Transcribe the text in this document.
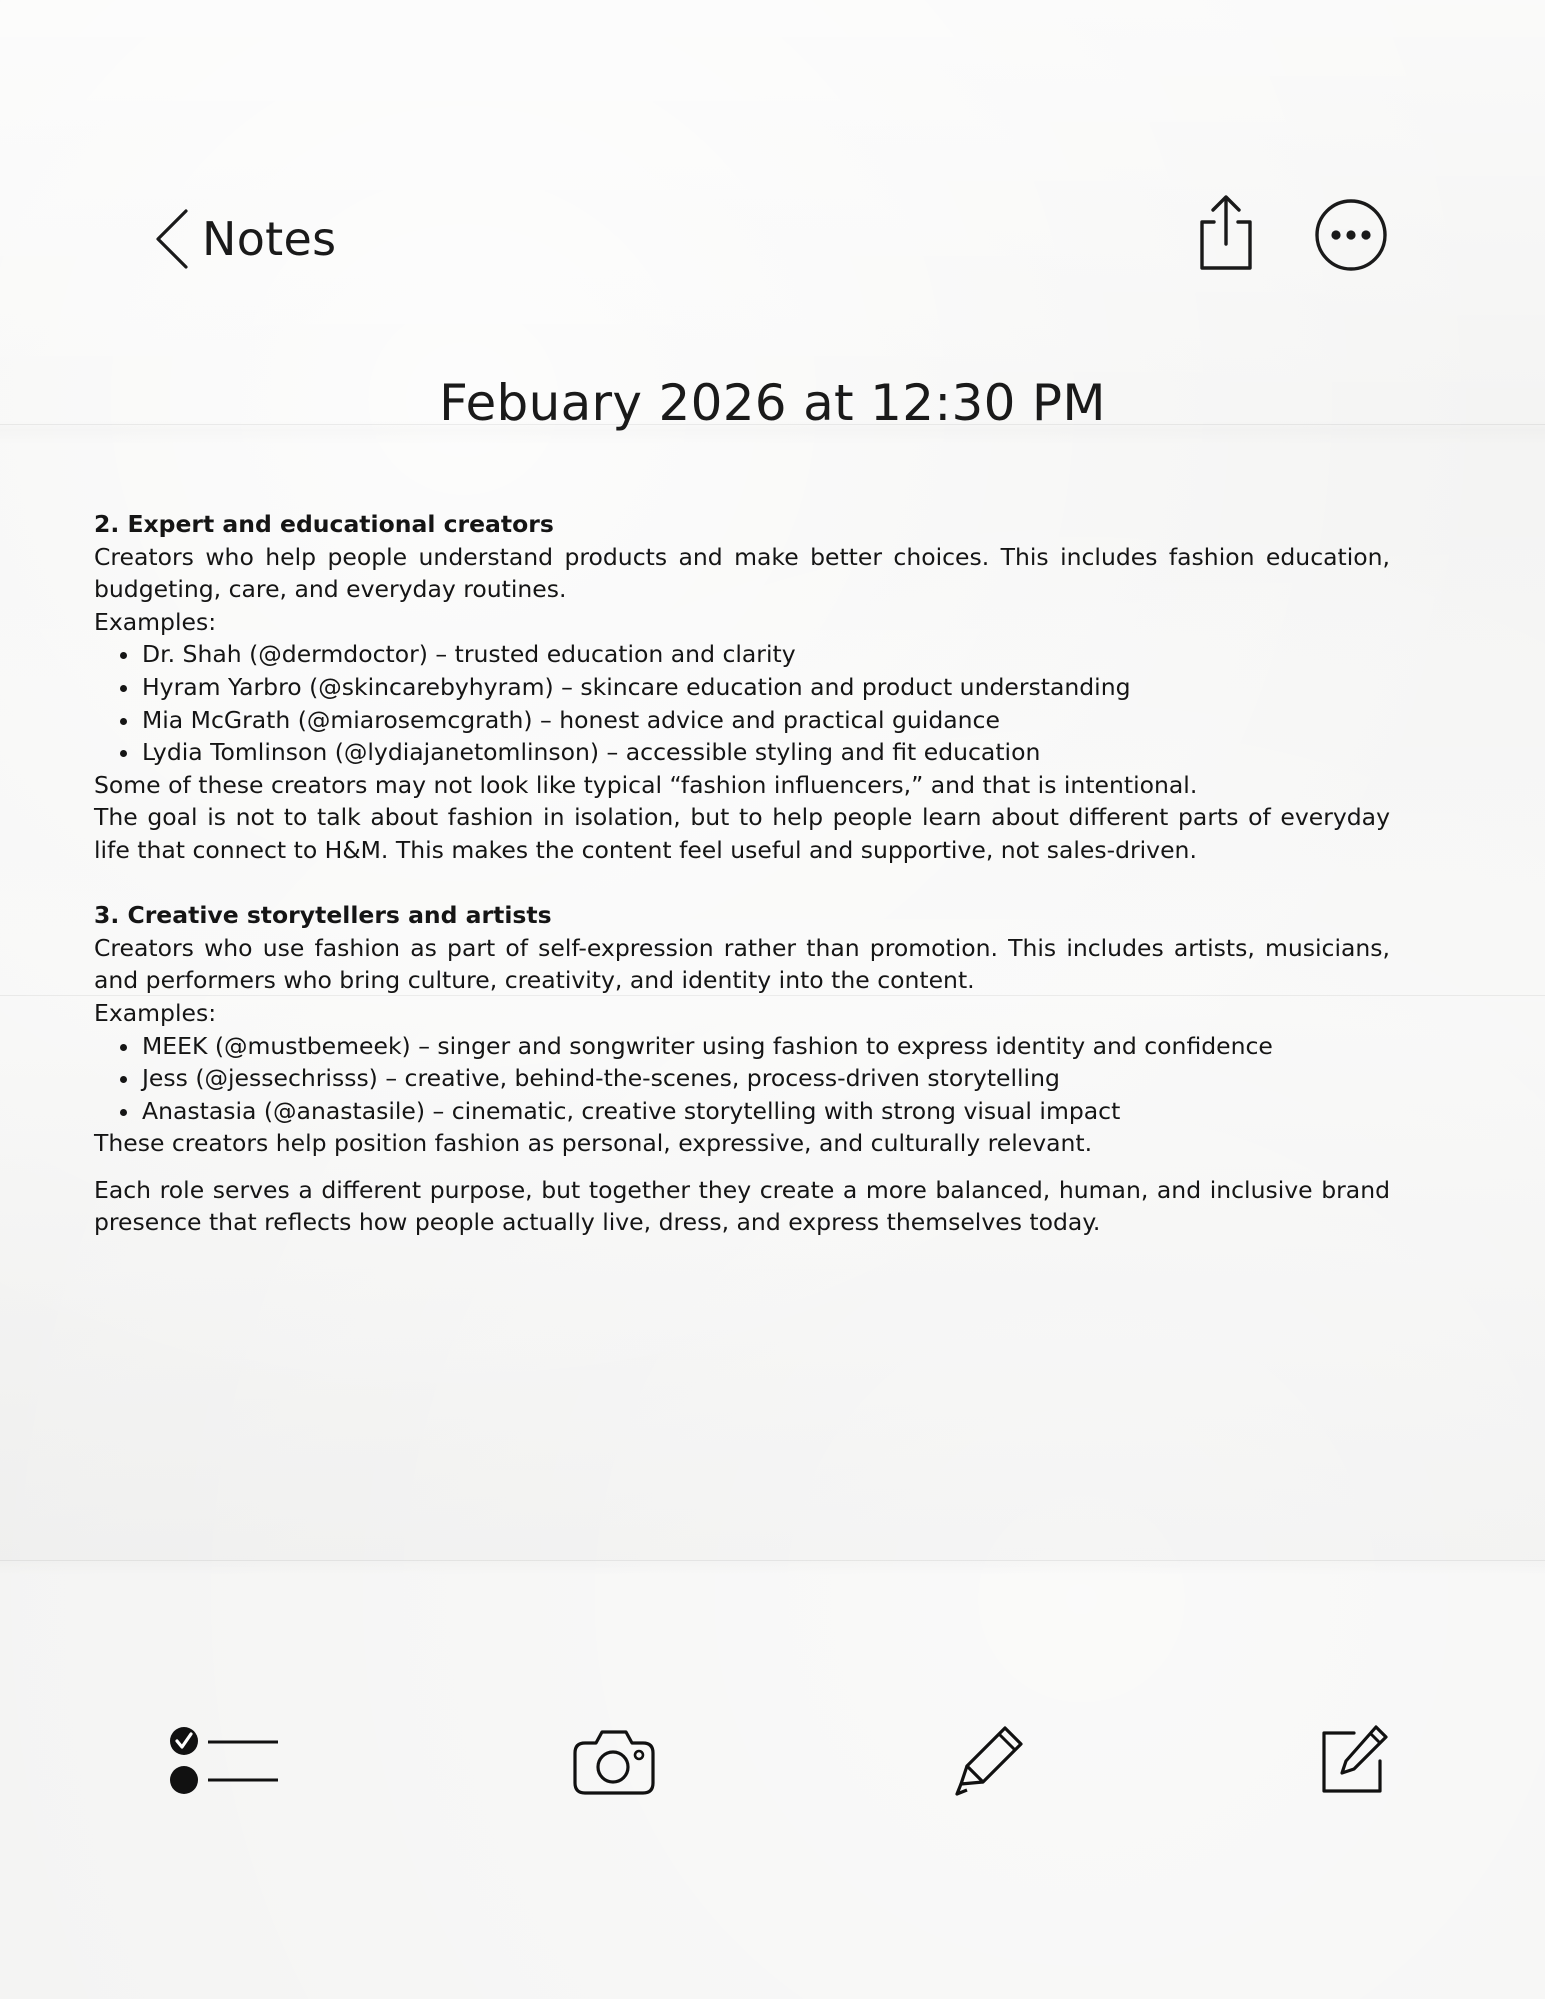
Notes
Febuary 2026 at 12:30 PM

2. Expert and educational creators

Creators who help people understand products and make better choices. This includes fashion education, budgeting, care, and everyday routines.

Examples:

• Dr. Shah (@dermdoctor) – trusted education and clarity
• Hyram Yarbro (@skincarebyhyram) – skincare education and product understanding
• Mia McGrath (@miarosemcgrath) – honest advice and practical guidance
• Lydia Tomlinson (@lydiajanetomlinson) – accessible styling and fit education

Some of these creators may not look like typical “fashion influencers,” and that is intentional.

The goal is not to talk about fashion in isolation, but to help people learn about different parts of everyday life that connect to H&M. This makes the content feel useful and supportive, not sales-driven.

3. Creative storytellers and artists

Creators who use fashion as part of self-expression rather than promotion. This includes artists, musicians, and performers who bring culture, creativity, and identity into the content.

Examples:

• MEEK (@mustbemeek) – singer and songwriter using fashion to express identity and confidence
• Jess (@jessechrisss) – creative, behind-the-scenes, process-driven storytelling
• Anastasia (@anastasile) – cinematic, creative storytelling with strong visual impact

These creators help position fashion as personal, expressive, and culturally relevant.

Each role serves a different purpose, but together they create a more balanced, human, and inclusive brand presence that reflects how people actually live, dress, and express themselves today.
